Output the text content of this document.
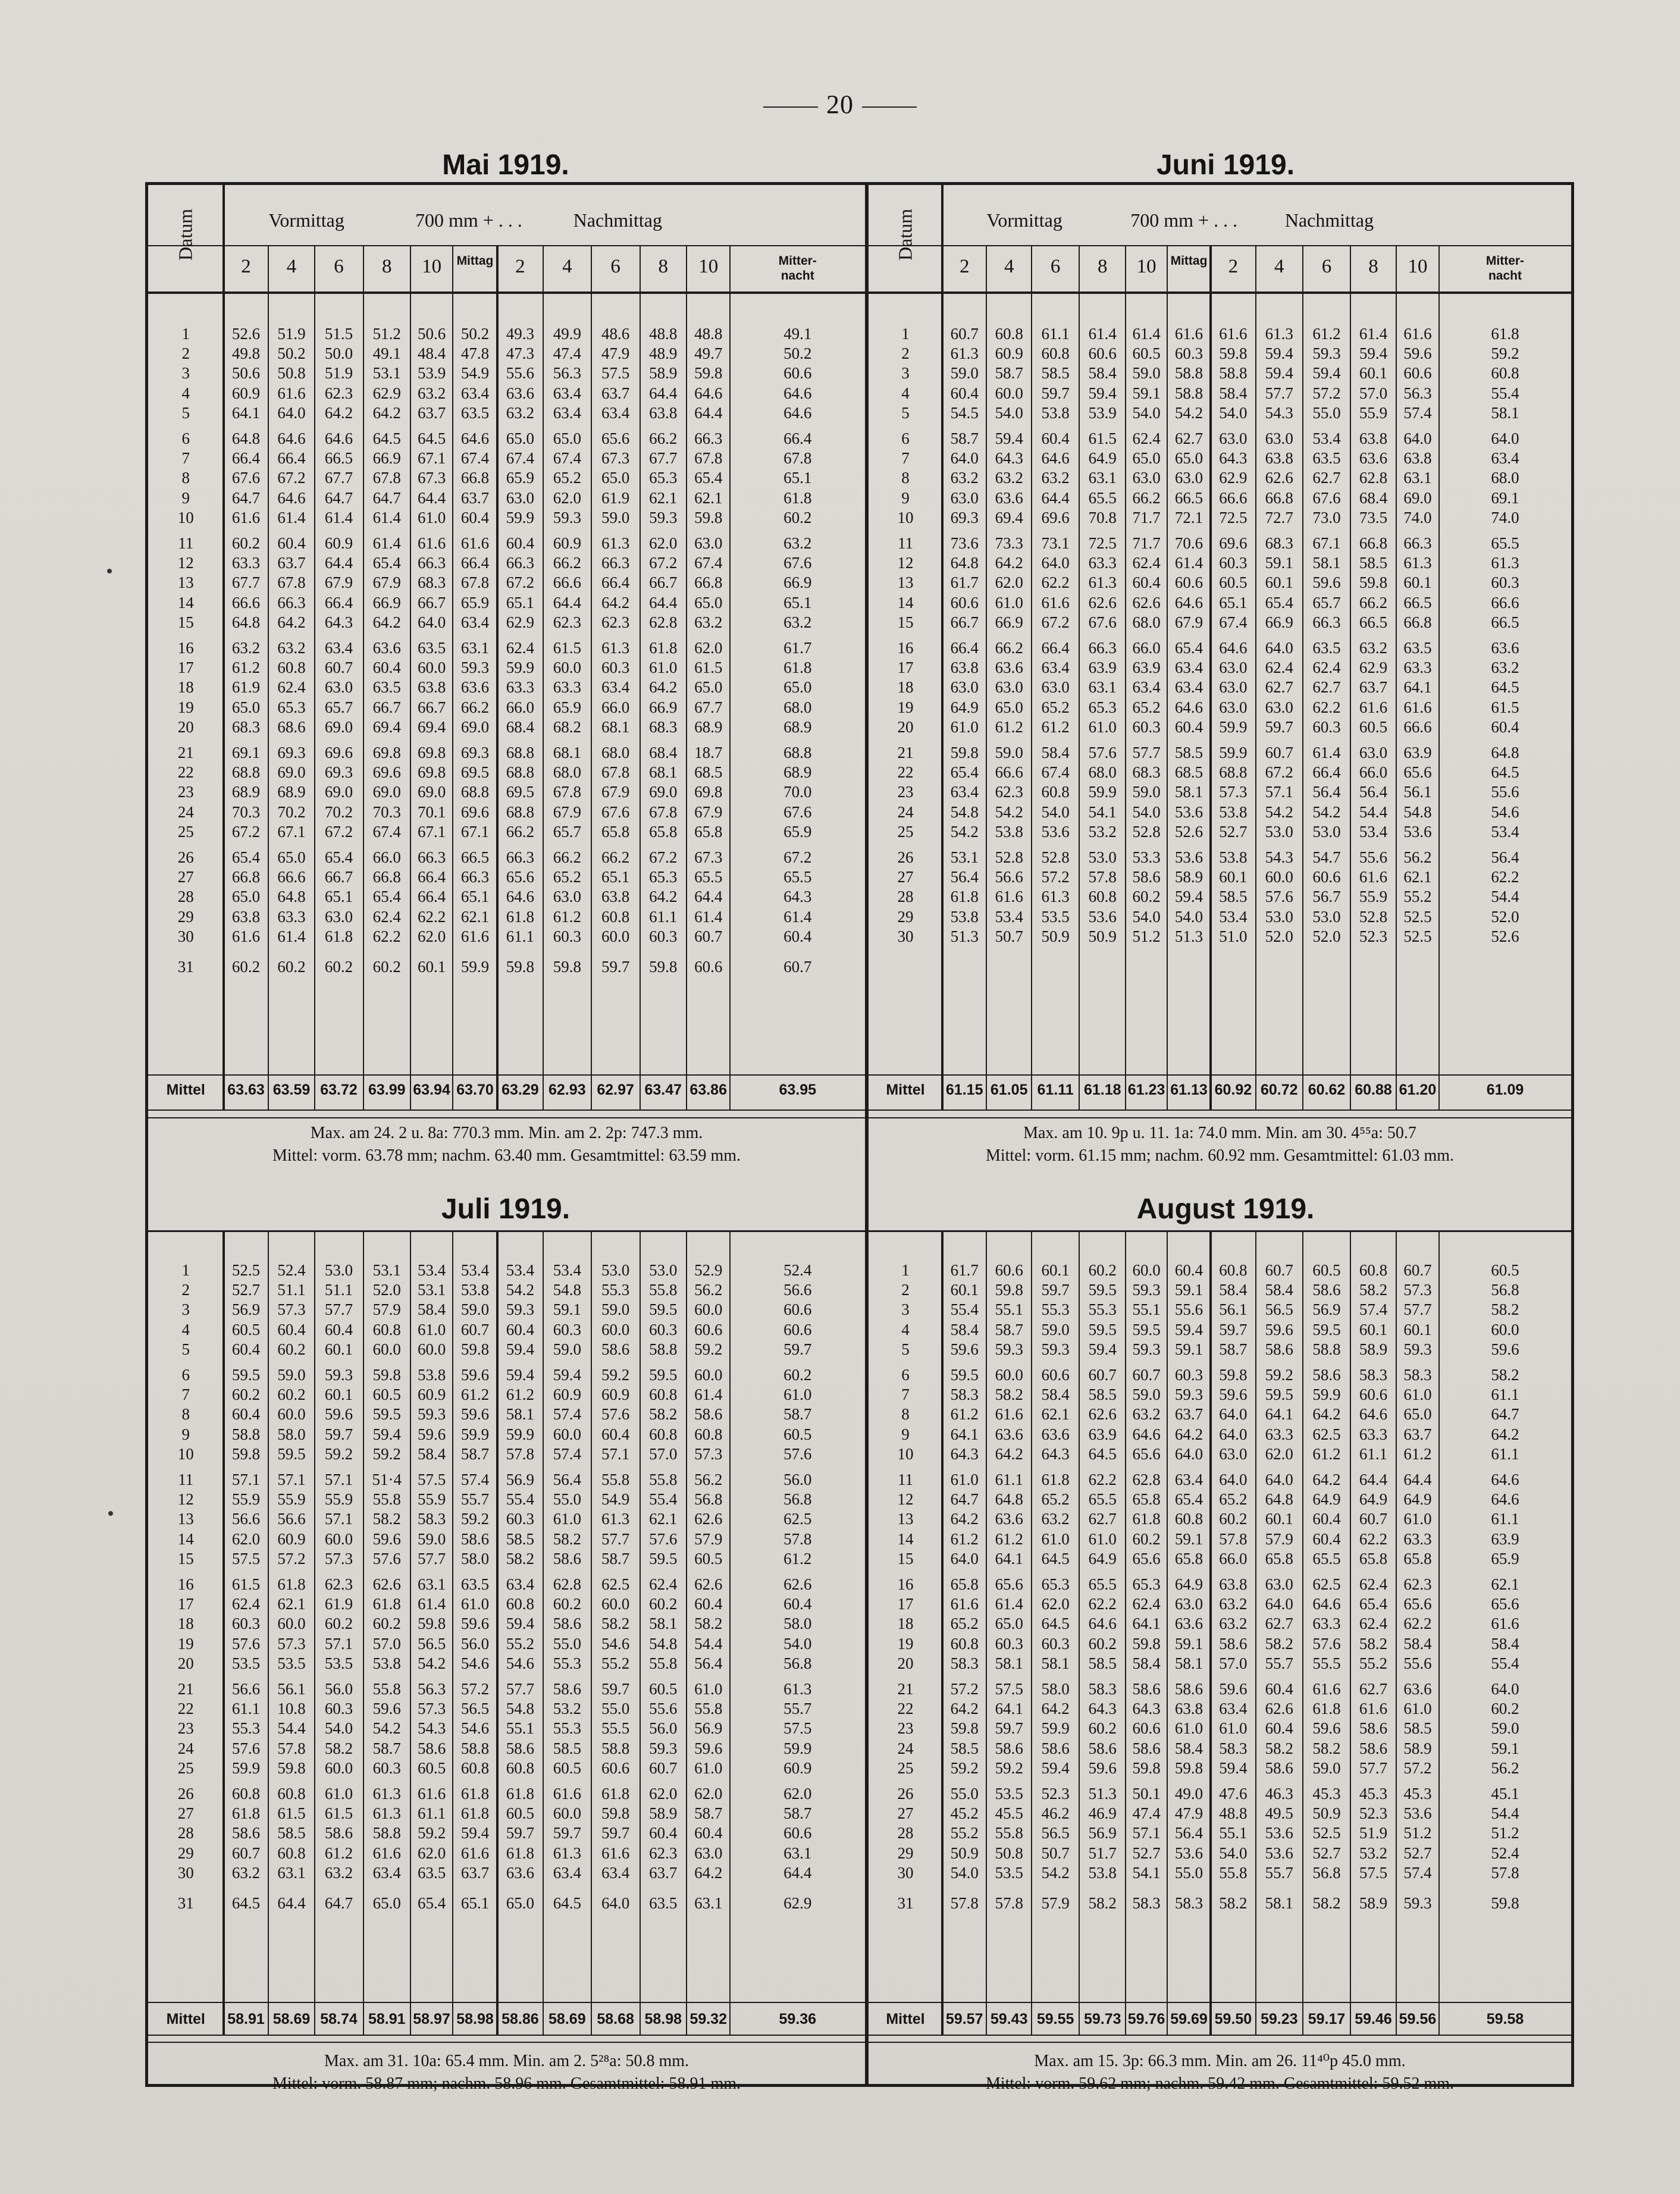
20
Mai 1919.	Juni 1919.
Datum	Vormittag	700 mm + . . .	Nachmittag
2	4	6	8	10	Mittag	2	4	6	8	10	Mitter-
nacht
Datum	Vormittag	700 mm + . . . Nachmittag
2	4	6	8	10	Mittag	2	4	6	8	10	Mitter-
nacht
1	52.6	51.9	51.5	51.2	50.6 50.2	49.3	49.9	48.6	48.8	48.8	49.1
2	49.8	50.2	50.0	49.1	48.4 47.8	47.3	47.4	47.9	48.9	49.7	50.2
3	50.6	50.8	51.9	53.1	53.9 54.9	55.6	56.3	57.5	58.9	59.8	60.6
4	60.9	61.6	62.3	62.9	63.2 63.4	63.6	63.4	63.7	64.4	64.6	64.6
5	64.1	64.0	64.2	64.2	63.7 63.5	63.2	63.4	63.4	63.8	64.4	64.6
6	64.8	64.6	64.6	64.5	64.5 64.6	65.0	65.0	65.6	66.2	66.3	66.4
7	66.4	66.4	66.5	66.9	67.1 67.4	67.4	67.4	67.3	67.7	67.8	67.8
8	67.6	67.2	67.7	67.8	67.3 66.8	65.9	65.2	65.0	65.3	65.4	65.1
9	64.7	64.6	64.7	64.7	64.4 63.7	63.0	62.0	61.9	62.1	62.1	61.8
10	61.6	61.4	61.4	61.4	61.0 60.4	59.9	59.3	59.0	59.3	59.8	60.2
11	60.2	60.4	60.9	61.4	61.6 61.6	60.4	60.9	61.3	62.0	63.0	63.2
12	63.3	63.7	64.4	65.4	66.3 66.4	66.3	66.2	66.3	67.2	67.4	67.6
13	67.7	67.8	67.9	67.9	68.3 67.8	67.2	66.6	66.4	66.7	66.8	66.9
14	66.6	66.3	66.4	66.9	66.7 65.9	65.1	64.4	64.2	64.4	65.0	65.1
15	64.8	64.2	64.3	64.2	64.0 63.4	62.9	62.3	62.3	62.8	63.2	63.2
16	63.2	63.2	63.4	63.6	63.5 63.1	62.4	61.5	61.3	61.8	62.0	61.7
17	61.2	60.8	60.7	60.4	60.0 59.3	59.9	60.0	60.3	61.0	61.5	61.8
18	61.9	62.4	63.0	63.5	63.8 63.6	63.3	63.3	63.4	64.2	65.0	65.0
19	65.0	65.3	65.7	66.7	66.7 66.2	66.0	65.9	66.0	66.9	67.7	68.0
20	68.3	68.6	69.0	69.4	69.4 69.0	68.4	68.2	68.1	68.3	68.9	68.9
21	69.1	69.3	69.6	69.8	69.8 69.3	68.8	68.1	68.0	68.4	18.7	68.8
22	68.8	69.0	69.3	69.6	69.8 69.5	68.8	68.0	67.8	68.1	68.5	68.9
23	68.9	68.9	69.0	69.0	69.0 68.8	69.5	67.8	67.9	69.0	69.8	70.0
24	70.3	70.2	70.2	70.3	70.1 69.6	68.8	67.9	67.6	67.8	67.9	67.6
25	67.2	67.1	67.2	67.4	67.1 67.1	66.2	65.7	65.8	65.8	65.8	65.9
26	65.4	65.0	65.4	66.0	66.3 66.5	66.3	66.2	66.2	67.2	67.3	67.2
27	66.8	66.6	66.7	66.8	66.4 66.3	65.6	65.2	65.1	65.3	65.5	65.5
28	65.0	64.8	65.1	65.4	66.4 65.1	64.6	63.0	63.8	64.2	64.4	64.3
29	63.8	63.3	63.0	62.4	62.2 62.1	61.8	61.2	60.8	61.1	61.4	61.4
30	61.6	61.4	61.8	62.2	62.0 61.6	61.1	60.3	60.0	60.3	60.7	60.4
31	60.2	60.2	60.2	60.2	60.1 59.9	59.8	59.8	59.7	59.8	60.6	60.7
Mittel	63.63 63.59 63.72 63.99 63.94 63.70 63.29 62.93 62.97 63.47 63.86	63.95
Max. am 24. 2 u. 8a: 770.3 mm. Min. am 2. 2p: 747.3 mm.
Mittel: vorm. 63.78 mm; nachm. 63.40 mm. Gesamtmittel: 63.59 mm.
1	60.7	60.8	61.1	61.4 61.4 61.6	61.6	61.3	61.2	61.4	61.6	61.8
2	61.3	60.9	60.8	60.6 60.5 60.3	59.8	59.4	59.3	59.4	59.6	59.2
3	59.0	58.7	58.5	58.4 59.0 58.8	58.8	59.4	59.4	60.1	60.6	60.8
4	60.4	60.0	59.7	59.4 59.1 58.8	58.4	57.7	57.2	57.0	56.3	55.4
5	54.5	54.0	53.8	53.9 54.0 54.2	54.0	54.3	55.0	55.9	57.4	58.1
6	58.7	59.4	60.4	61.5 62.4 62.7	63.0	63.0	53.4	63.8	64.0	64.0
7	64.0	64.3	64.6	64.9 65.0 65.0	64.3	63.8	63.5	63.6	63.8	63.4
8	63.2	63.2	63.2	63.1 63.0 63.0	62.9	62.6	62.7	62.8	63.1	68.0
9	63.0	63.6	64.4	65.5 66.2 66.5	66.6	66.8	67.6	68.4	69.0	69.1
10	69.3	69.4	69.6	70.8 71.7 72.1	72.5	72.7	73.0	73.5	74.0	74.0
11	73.6	73.3	73.1	72.5 71.7 70.6	69.6	68.3	67.1	66.8	66.3	65.5
12	64.8	64.2	64.0	63.3 62.4 61.4	60.3	59.1	58.1	58.5	61.3	61.3
13	61.7	62.0	62.2	61.3 60.4 60.6	60.5	60.1	59.6	59.8	60.1	60.3
14	60.6	61.0	61.6	62.6 62.6 64.6	65.1	65.4	65.7	66.2	66.5	66.6
15	66.7	66.9	67.2	67.6 68.0 67.9	67.4	66.9	66.3	66.5	66.8	66.5
16	66.4	66.2	66.4	66.3 66.0 65.4	64.6	64.0	63.5	63.2	63.5	63.6
17	63.8	63.6	63.4	63.9 63.9 63.4	63.0	62.4	62.4	62.9	63.3	63.2
18	63.0	63.0	63.0	63.1 63.4 63.4	63.0	62.7	62.7	63.7	64.1	64.5
19	64.9	65.0	65.2	65.3 65.2 64.6	63.0	63.0	62.2	61.6	61.6	61.5
20	61.0	61.2	61.2	61.0 60.3 60.4	59.9	59.7	60.3	60.5	66.6	60.4
21	59.8	59.0	58.4	57.6 57.7 58.5	59.9	60.7	61.4	63.0	63.9	64.8
22	65.4	66.6	67.4	68.0 68.3 68.5	68.8	67.2	66.4	66.0	65.6	64.5
23	63.4	62.3	60.8	59.9 59.0 58.1	57.3	57.1	56.4	56.4	56.1	55.6
24	54.8	54.2	54.0	54.1 54.0 53.6	53.8	54.2	54.2	54.4	54.8	54.6
25	54.2	53.8	53.6	53.2 52.8 52.6	52.7	53.0	53.0	53.4	53.6	53.4
26	53.1	52.8	52.8	53.0 53.3 53.6	53.8	54.3	54.7	55.6	56.2	56.4
27	56.4	56.6	57.2	57.8 58.6 58.9	60.1	60.0	60.6	61.6	62.1	62.2
28	61.8	61.6	61.3	60.8 60.2 59.4	58.5	57.6	56.7	55.9	55.2	54.4
29	53.8	53.4	53.5	53.6 54.0 54.0	53.4	53.0	53.0	52.8	52.5	52.0
30	51.3	50.7	50.9	50.9 51.2 51.3	51.0	52.0	52.0	52.3	52.5	52.6
Mittel	61.15 61.05 61.11 61.18 61.23 61.13 60.92 60.72 60.62 60.88 61.20	61.09
Max. am 10. 9p u. 11. 1a: 74.0 mm. Min. am 30. 4⁵⁵a: 50.7
Mittel: vorm. 61.15 mm; nachm. 60.92 mm. Gesamtmittel: 61.03 mm.
1	52.5	52.4	53.0	53.1	53.4 53.4	53.4	53.4	53.0	53.0	52.9	52.4
2	52.7	51.1	51.1	52.0	53.1 53.8	54.2	54.8	55.3	55.8	56.2	56.6
3	56.9	57.3	57.7	57.9	58.4 59.0	59.3	59.1	59.0	59.5	60.0	60.6
4	60.5	60.4	60.4	60.8	61.0 60.7	60.4	60.3	60.0	60.3	60.6	60.6
5	60.4	60.2	60.1	60.0	60.0 59.8	59.4	59.0	58.6	58.8	59.2	59.7
6	59.5	59.0	59.3	59.8	53.8 59.6	59.4	59.4	59.2	59.5	60.0	60.2
7	60.2	60.2	60.1	60.5	60.9 61.2	61.2	60.9	60.9	60.8	61.4	61.0
8	60.4	60.0	59.6	59.5	59.3 59.6	58.1	57.4	57.6	58.2	58.6	58.7
9	58.8	58.0	59.7	59.4	59.6 59.9	59.9	60.0	60.4	60.8	60.8	60.5
10	59.8	59.5	59.2	59.2	58.4 58.7	57.8	57.4	57.1	57.0	57.3	57.6
11	57.1	57.1	57.1	51·4 57.5 57.4	56.9	56.4	55.8	55.8	56.2	56.0
12	55.9	55.9	55.9	55.8	55.9 55.7	55.4	55.0	54.9	55.4	56.8	56.8
13	56.6	56.6	57.1	58.2	58.3 59.2	60.3	61.0	61.3	62.1	62.6	62.5
14	62.0	60.9	60.0	59.6	59.0 58.6	58.5	58.2	57.7	57.6	57.9	57.8
15	57.5	57.2	57.3	57.6	57.7 58.0	58.2	58.6	58.7	59.5	60.5	61.2
16	61.5	61.8	62.3	62.6	63.1 63.5	63.4	62.8	62.5	62.4	62.6	62.6
17	62.4	62.1	61.9	61.8	61.4 61.0	60.8	60.2	60.0	60.2	60.4	60.4
18	60.3	60.0	60.2	60.2	59.8 59.6	59.4	58.6	58.2	58.1	58.2	58.0
19	57.6	57.3	57.1	57.0	56.5 56.0	55.2	55.0	54.6	54.8	54.4	54.0
20	53.5	53.5	53.5	53.8	54.2 54.6	54.6	55.3	55.2	55.8	56.4	56.8
21	56.6	56.1	56.0	55.8	56.3 57.2	57.7	58.6	59.7	60.5	61.0	61.3
22	61.1	10.8	60.3	59.6	57.3 56.5	54.8	53.2	55.0	55.6	55.8	55.7
23	55.3	54.4	54.0	54.2	54.3 54.6	55.1	55.3	55.5	56.0	56.9	57.5
24	57.6	57.8	58.2	58.7	58.6 58.8	58.6	58.5	58.8	59.3	59.6	59.9
25	59.9	59.8	60.0	60.3	60.5 60.8	60.8	60.5	60.6	60.7	61.0	60.9
26	60.8	60.8	61.0	61.3	61.6 61.8	61.8	61.6	61.8	62.0	62.0	62.0
27	61.8	61.5	61.5	61.3	61.1 61.8	60.5	60.0	59.8	58.9	58.7	58.7
28	58.6	58.5	58.6	58.8	59.2 59.4	59.7	59.7	59.7	60.4	60.4	60.6
29	60.7	60.8	61.2	61.6	62.0 61.6	61.8	61.3	61.6	62.3	63.0	63.1
30	63.2	63.1	63.2	63.4	63.5 63.7	63.6	63.4	63.4	63.7	64.2	64.4
31	64.5	64.4	64.7	65.0	65.4 65.1	65.0	64.5	64.0	63.5	63.1	62.9
Mittel	58.91 58.69 58.74 58.91 58.97 58.98 58.86 58.69 58.68 58.98 59.32	59.36
Max. am 31. 10a: 65.4 mm. Min. am 2. 5²⁸a: 50.8 mm.
Mittel: vorm. 58.87 mm; nachm. 58.96 mm. Gesamtmittel: 58.91 mm.
1	61.7	60.6	60.1	60.2 60.0 60.4	60.8	60.7	60.5	60.8	60.7	60.5
2	60.1	59.8	59.7	59.5 59.3 59.1	58.4	58.4	58.6	58.2	57.3	56.8
3	55.4	55.1	55.3	55.3 55.1 55.6	56.1	56.5	56.9	57.4	57.7	58.2
4	58.4	58.7	59.0	59.5 59.5 59.4	59.7	59.6	59.5	60.1	60.1	60.0
5	59.6	59.3	59.3	59.4 59.3 59.1	58.7	58.6	58.8	58.9	59.3	59.6
6	59.5	60.0	60.6	60.7 60.7 60.3	59.8	59.2	58.6	58.3	58.3	58.2
7	58.3	58.2	58.4	58.5 59.0 59.3	59.6	59.5	59.9	60.6	61.0	61.1
8	61.2	61.6	62.1	62.6 63.2 63.7	64.0	64.1	64.2	64.6	65.0	64.7
9	64.1	63.6	63.6	63.9 64.6 64.2	64.0	63.3	62.5	63.3	63.7	64.2
10	64.3	64.2	64.3	64.5 65.6 64.0	63.0	62.0	61.2	61.1	61.2	61.1
11	61.0	61.1	61.8	62.2 62.8 63.4	64.0	64.0	64.2	64.4	64.4	64.6
12	64.7	64.8	65.2	65.5 65.8 65.4	65.2	64.8	64.9	64.9	64.9	64.6
13	64.2	63.6	63.2	62.7 61.8 60.8	60.2	60.1	60.4	60.7	61.0	61.1
14	61.2	61.2	61.0	61.0 60.2 59.1	57.8	57.9	60.4	62.2	63.3	63.9
15	64.0	64.1	64.5	64.9 65.6 65.8	66.0	65.8	65.5	65.8	65.8	65.9
16	65.8	65.6	65.3	65.5 65.3 64.9	63.8	63.0	62.5	62.4	62.3	62.1
17	61.6	61.4	62.0	62.2 62.4 63.0	63.2	64.0	64.6	65.4	65.6	65.6
18	65.2	65.0	64.5	64.6 64.1 63.6	63.2	62.7	63.3	62.4	62.2	61.6
19	60.8	60.3	60.3	60.2 59.8 59.1	58.6	58.2	57.6	58.2	58.4	58.4
20	58.3	58.1	58.1	58.5 58.4 58.1	57.0	55.7	55.5	55.2	55.6	55.4
21	57.2	57.5	58.0	58.3 58.6 58.6	59.6	60.4	61.6	62.7	63.6	64.0
22	64.2	64.1	64.2	64.3 64.3 63.8	63.4	62.6	61.8	61.6	61.0	60.2
23	59.8	59.7	59.9	60.2 60.6 61.0	61.0	60.4	59.6	58.6	58.5	59.0
24	58.5	58.6	58.6	58.6 58.6 58.4	58.3	58.2	58.2	58.6	58.9	59.1
25	59.2	59.2	59.4	59.6 59.8 59.8	59.4	58.6	59.0	57.7	57.2	56.2
26	55.0	53.5	52.3	51.3 50.1 49.0	47.6	46.3	45.3	45.3	45.3	45.1
27	45.2	45.5	46.2	46.9 47.4 47.9	48.8	49.5	50.9	52.3	53.6	54.4
28	55.2	55.8	56.5	56.9 57.1 56.4	55.1	53.6	52.5	51.9	51.2	51.2
29	50.9	50.8	50.7	51.7 52.7 53.6	54.0	53.6	52.7	53.2	52.7	52.4
30	54.0	53.5	54.2	53.8 54.1 55.0	55.8	55.7	56.8	57.5	57.4	57.8
31	57.8	57.8	57.9	58.2 58.3 58.3	58.2	58.1	58.2	58.9	59.3	59.8
Mittel	59.57 59.43 59.55 59.73 59.76 59.69 59.50 59.23 59.17 59.46 59.56	59.58
Max. am 15. 3p: 66.3 mm. Min. am 26. 11⁴⁰p 45.0 mm.
Mittel: vorm. 59.62 mm; nachm. 59.42 mm. Gesamtmittel: 59.52 mm.
Juli 1919.	August 1919.
